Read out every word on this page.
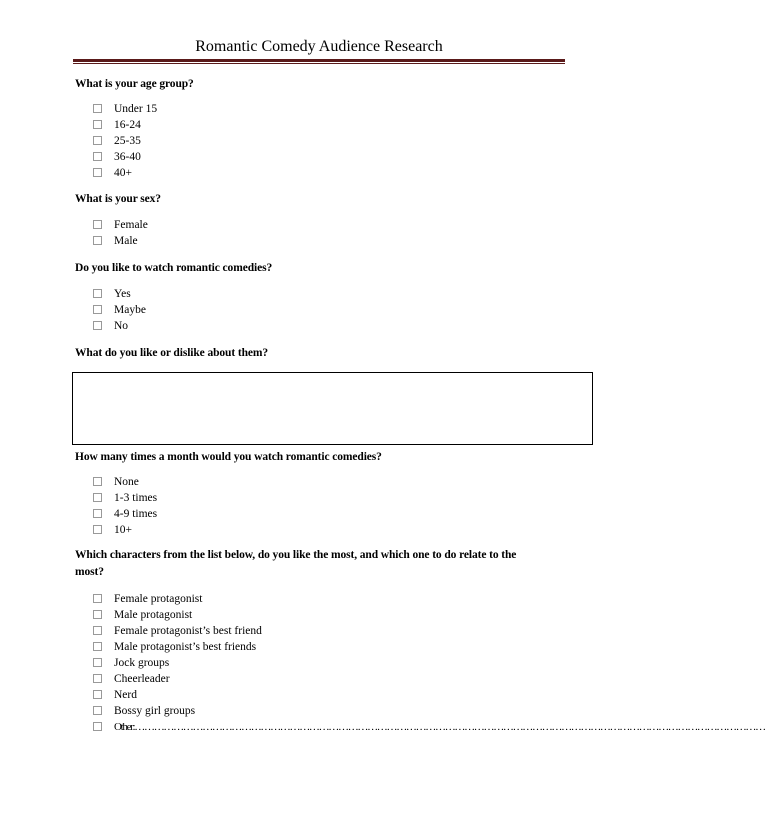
Romantic Comedy Audience Research
What is your age group?
Under 15
16-24
25-35
36-40
40+
What is your sex?
Female
Male
Do you like to watch romantic comedies?
Yes
Maybe
No
What do you like or dislike about them?
How many times a month would you watch romantic comedies?
None
1-3 times
4-9 times
10+
Which characters from the list below, do you like the most, and which one to do relate to the
most?
Female protagonist
Male protagonist
Female protagonist’s best friend
Male protagonist’s best friends
Jock groups
Cheerleader
Nerd
Bossy girl groups
Other:……………………………………………………………………………………………………………………………………………………………………………
